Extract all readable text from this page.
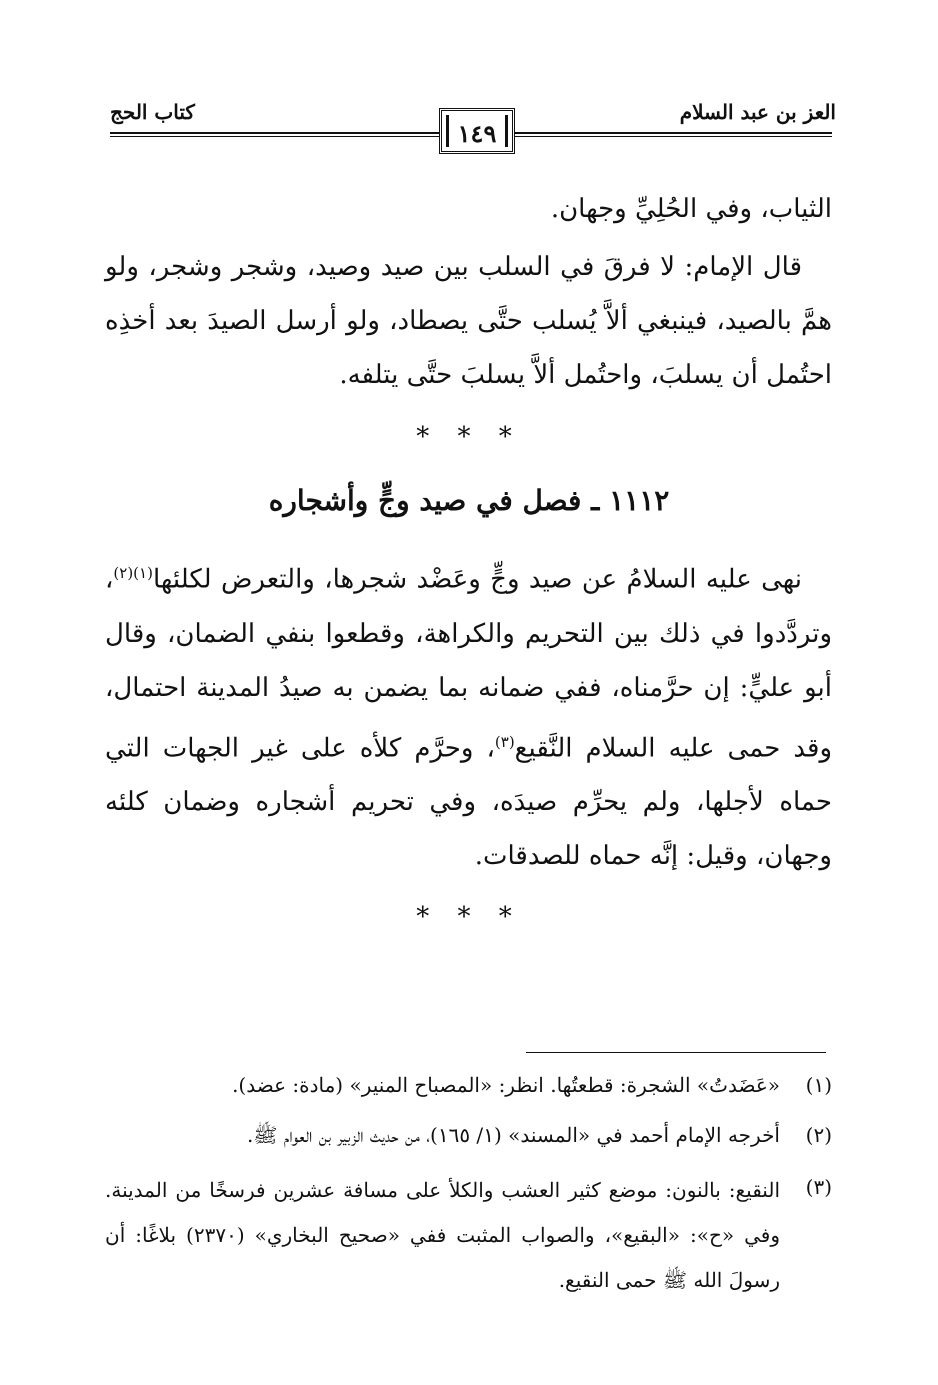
العز بن عبد السلام
كتاب الحج
١٤٩

الثياب، وفي الحُلِيِّ وجهان.

قال الإمام: لا فرقَ في السلب بين صيد وصيد، وشجر وشجر، ولو همَّ بالصيد، فينبغي ألاَّ يُسلب حتَّى يصطاد، ولو أرسل الصيدَ بعد أخذِه احتُمل أن يسلبَ، واحتُمل ألاَّ يسلبَ حتَّى يتلفه.

* * *
١١١٢ ـ فصل في صيد وجٍّ وأشجاره

نهى عليه السلامُ عن صيد وجٍّ وعَضْد شجرها، والتعرض لكلئها$^{(١)(٢)}$، وتردَّدوا في ذلك بين التحريم والكراهة، وقطعوا بنفي الضمان، وقال أبو عليٍّ: إن حرَّمناه، ففي ضمانه بما يضمن به صيدُ المدينة احتمال، وقد حمى عليه السلام النَّقيع$^{(٣)}$، وحرَّم كلأه على غير الجهات التي حماه لأجلها، ولم يحرِّم صيدَه، وفي تحريم أشجاره وضمان كلئه وجهان، وقيل: إنَّه حماه للصدقات.

* * *
(١)
«عَضَدتُ» الشجرة: قطعتُها. انظر: «المصباح المنير» (مادة: عضد).
(٢)
أخرجه الإمام أحمد في «المسند» (١/ ١٦٥)، من حديث الزبير بن العوام ﷺ.
(٣)
النقيع: بالنون: موضع كثير العشب والكلأ على مسافة عشرين فرسخًا من المدينة. وفي «ح»: «البقيع»، والصواب المثبت ففي «صحيح البخاري» (٢٣٧٠) بلاغًا: أن رسولَ الله ﷺ حمى النقيع.
